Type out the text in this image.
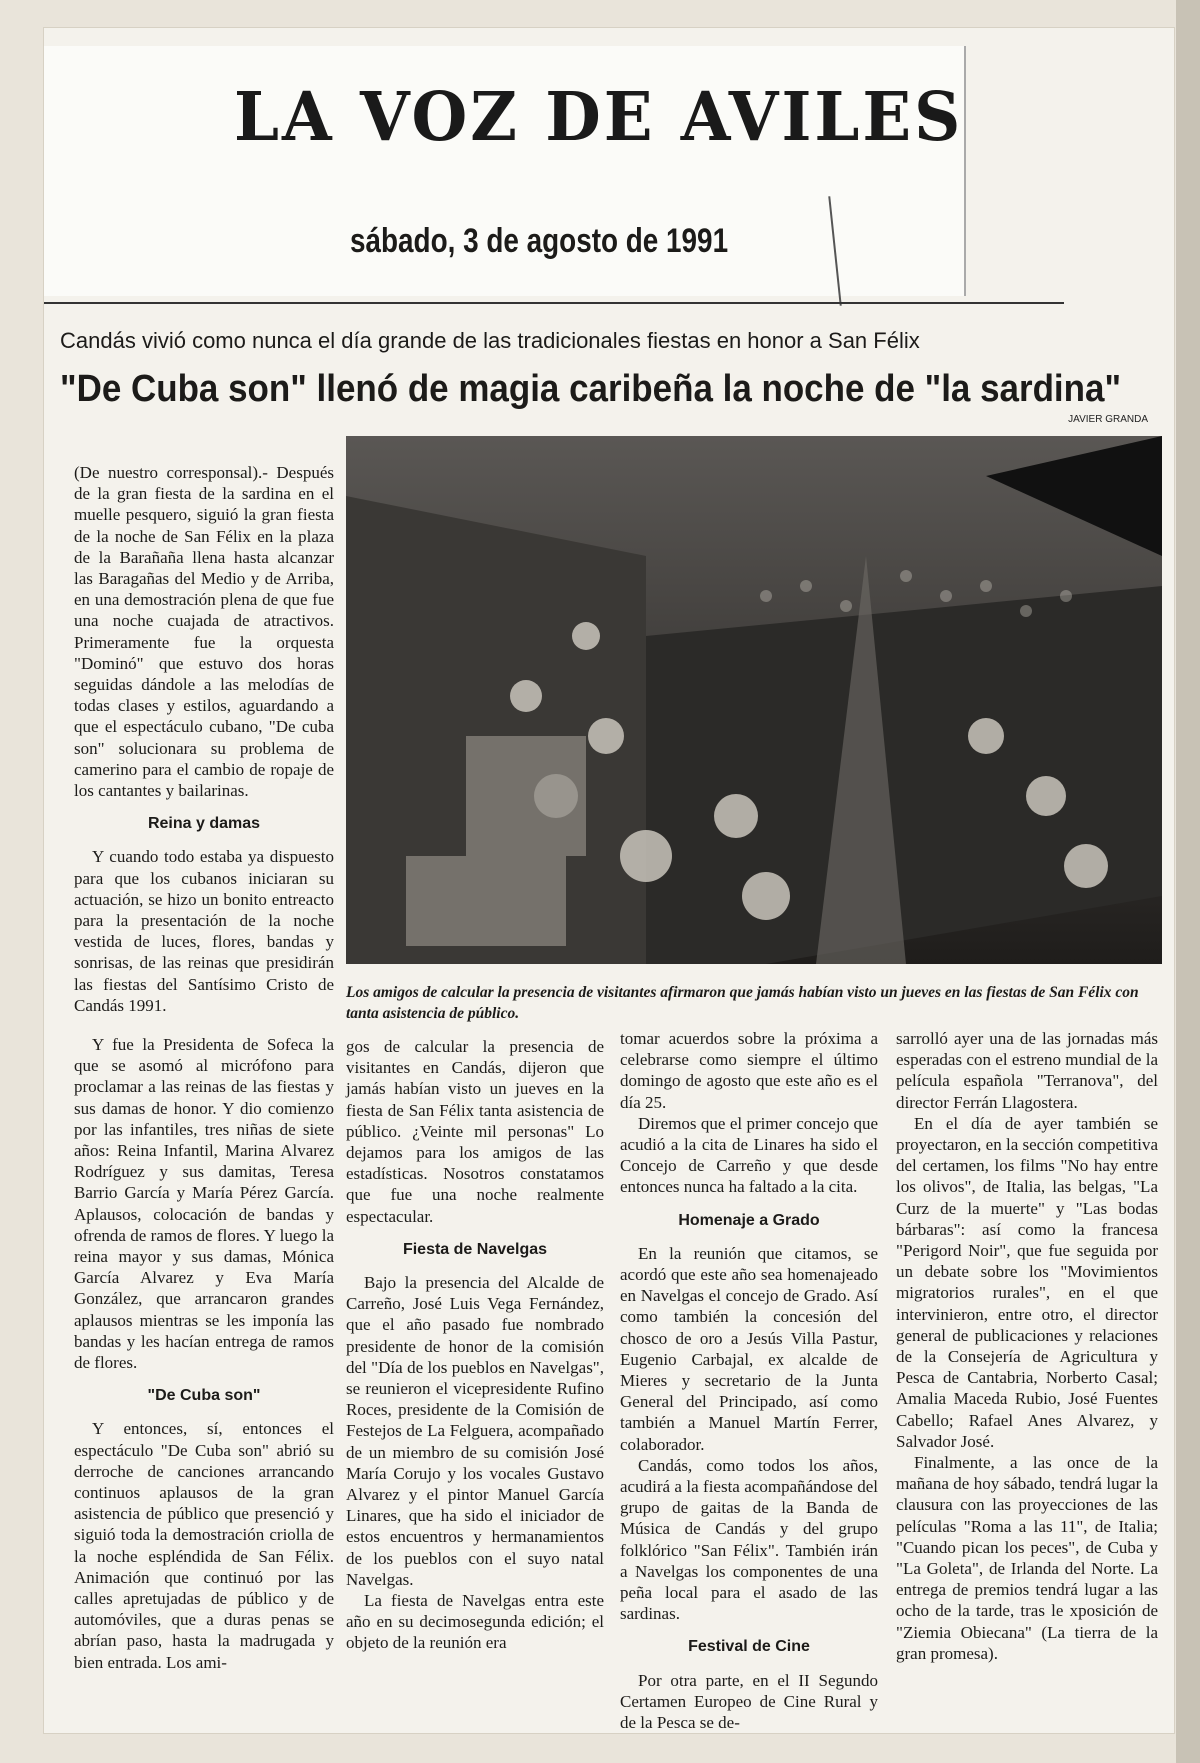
LA VOZ DE AVILES
sábado, 3 de agosto de 1991
Candás vivió como nunca el día grande de las tradicionales fiestas en honor a San Félix
"De Cuba son" llenó de magia caribeña la noche de "la sardina"

(De nuestro corresponsal).- Después de la gran fiesta de la sardina en el muelle pesquero, siguió la gran fiesta de la noche de San Félix en la plaza de la Barañaña llena hasta alcanzar las Baragañas del Medio y de Arriba, en una demostración plena de que fue una noche cuajada de atractivos. Primeramente fue la orquesta "Dominó" que estuvo dos horas seguidas dándole a las melodías de todas clases y estilos, aguardando a que el espectáculo cubano, "De cuba son" solucionara su problema de camerino para el cambio de ropaje de los cantantes y bailarinas.

Reina y damas

Y cuando todo estaba ya dispuesto para que los cubanos iniciaran su actuación, se hizo un bonito entreacto para la presentación de la noche vestida de luces, flores, bandas y sonrisas, de las reinas que presidirán las fiestas del Santísimo Cristo de Candás 1991.

JAVIER GRANDA
Los amigos de calcular la presencia de visitantes afirmaron que jamás habían visto un jueves en las fiestas de San Félix con tanta asistencia de público.

Y fue la Presidenta de Sofeca la que se asomó al micrófono para proclamar a las reinas de las fiestas y sus damas de honor. Y dio comienzo por las infantiles, tres niñas de siete años: Reina Infantil, Marina Alvarez Rodríguez y sus damitas, Teresa Barrio García y María Pérez García. Aplausos, colocación de bandas y ofrenda de ramos de flores. Y luego la reina mayor y sus damas, Mónica García Alvarez y Eva María González, que arrancaron grandes aplausos mientras se les imponía las bandas y les hacían entrega de ramos de flores.

"De Cuba son"

Y entonces, sí, entonces el espectáculo "De Cuba son" abrió su derroche de canciones arrancando continuos aplausos de la gran asistencia de público que presenció y siguió toda la demostración criolla de la noche espléndida de San Félix. Animación que continuó por las calles apretujadas de público y de automóviles, que a duras penas se abrían paso, hasta la madrugada y bien entrada. Los ami-

gos de calcular la presencia de visitantes en Candás, dijeron que jamás habían visto un jueves en la fiesta de San Félix tanta asistencia de público. ¿Veinte mil personas" Lo dejamos para los amigos de las estadísticas. Nosotros constatamos que fue una noche realmente espectacular.

Fiesta de Navelgas

Bajo la presencia del Alcalde de Carreño, José Luis Vega Fernández, que el año pasado fue nombrado presidente de honor de la comisión del "Día de los pueblos en Navelgas", se reunieron el vicepresidente Rufino Roces, presidente de la Comisión de Festejos de La Felguera, acompañado de un miembro de su comisión José María Corujo y los vocales Gustavo Alvarez y el pintor Manuel García Linares, que ha sido el iniciador de estos encuentros y hermanamientos de los pueblos con el suyo natal Navelgas.

La fiesta de Navelgas entra este año en su decimosegunda edición; el objeto de la reunión era

tomar acuerdos sobre la próxima a celebrarse como siempre el último domingo de agosto que este año es el día 25.

Diremos que el primer concejo que acudió a la cita de Linares ha sido el Concejo de Carreño y que desde entonces nunca ha faltado a la cita.

Homenaje a Grado

En la reunión que citamos, se acordó que este año sea homenajeado en Navelgas el concejo de Grado. Así como también la concesión del chosco de oro a Jesús Villa Pastur, Eugenio Carbajal, ex alcalde de Mieres y secretario de la Junta General del Principado, así como también a Manuel Martín Ferrer, colaborador.

Candás, como todos los años, acudirá a la fiesta acompañándose del grupo de gaitas de la Banda de Música de Candás y del grupo folklórico "San Félix". También irán a Navelgas los componentes de una peña local para el asado de las sardinas.

Festival de Cine

Por otra parte, en el II Segundo Certamen Europeo de Cine Rural y de la Pesca se de-

sarrolló ayer una de las jornadas más esperadas con el estreno mundial de la película española "Terranova", del director Ferrán Llagostera.

En el día de ayer también se proyectaron, en la sección competitiva del certamen, los films "No hay entre los olivos", de Italia, las belgas, "La Curz de la muerte" y "Las bodas bárbaras": así como la francesa "Perigord Noir", que fue seguida por un debate sobre los "Movimientos migratorios rurales", en el que intervinieron, entre otro, el director general de publicaciones y relaciones de la Consejería de Agricultura y Pesca de Cantabria, Norberto Casal; Amalia Maceda Rubio, José Fuentes Cabello; Rafael Anes Alvarez, y Salvador José.

Finalmente, a las once de la mañana de hoy sábado, tendrá lugar la clausura con las proyecciones de las películas "Roma a las 11", de Italia; "Cuando pican los peces", de Cuba y "La Goleta", de Irlanda del Norte. La entrega de premios tendrá lugar a las ocho de la tarde, tras le xposición de "Ziemia Obiecana" (La tierra de la gran promesa).
